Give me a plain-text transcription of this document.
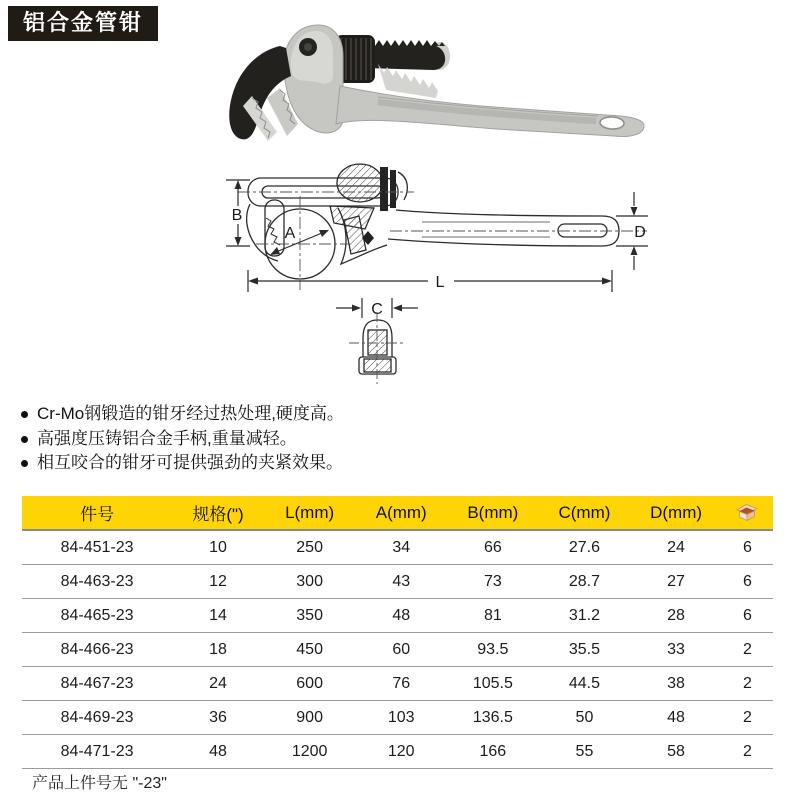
铝合金管钳
B
A	D
L
C
Cr-Mo钢锻造的钳牙经过热处理,硬度高。
高强度压铸铝合金手柄,重量减轻。
相互咬合的钳牙可提供强劲的夹紧效果。
件号	规格(")	L(mm)	A(mm)	B(mm)	C(mm)	D(mm)	

84-451-23	10	250	34	66	27.6	24	6
84-463-23	12	300	43	73	28.7	27	6
84-465-23	14	350	48	81	31.2	28	6
84-466-23	18	450	60	93.5	35.5	33	2
84-467-23	24	600	76	105.5	44.5	38	2
84-469-23	36	900	103	136.5	50	48	2
84-471-23	48	1200	120	166	55	58	2
产品上件号无 "-23"
